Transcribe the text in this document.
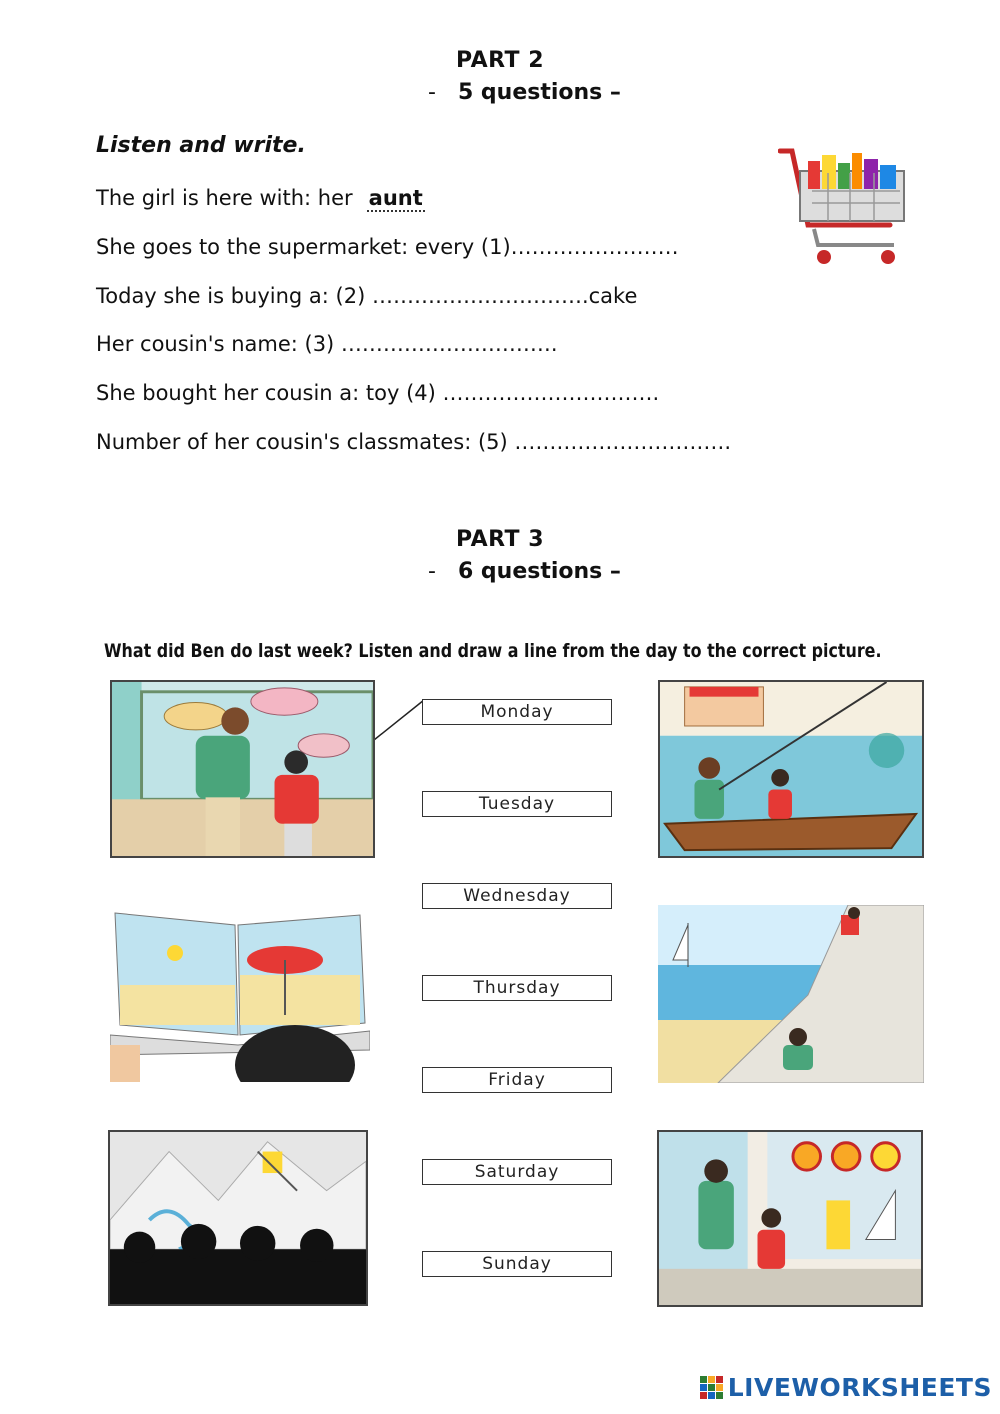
PART 2
- 5 questions –
Listen and write.
The girl is here with: her aunt
She goes to the supermarket: every (1)……………………
Today she is buying a: (2) ………………………….cake
Her cousin's name: (3) ………………………….
She bought her cousin a: toy (4) ………………………….
Number of her cousin's classmates: (5) ………………………….
PART 3
- 6 questions –
What did Ben do last week? Listen and draw a line from the day to the correct picture.
Monday
Tuesday
Wednesday
Thursday
Friday
Saturday
Sunday
LIVEWORKSHEETS
